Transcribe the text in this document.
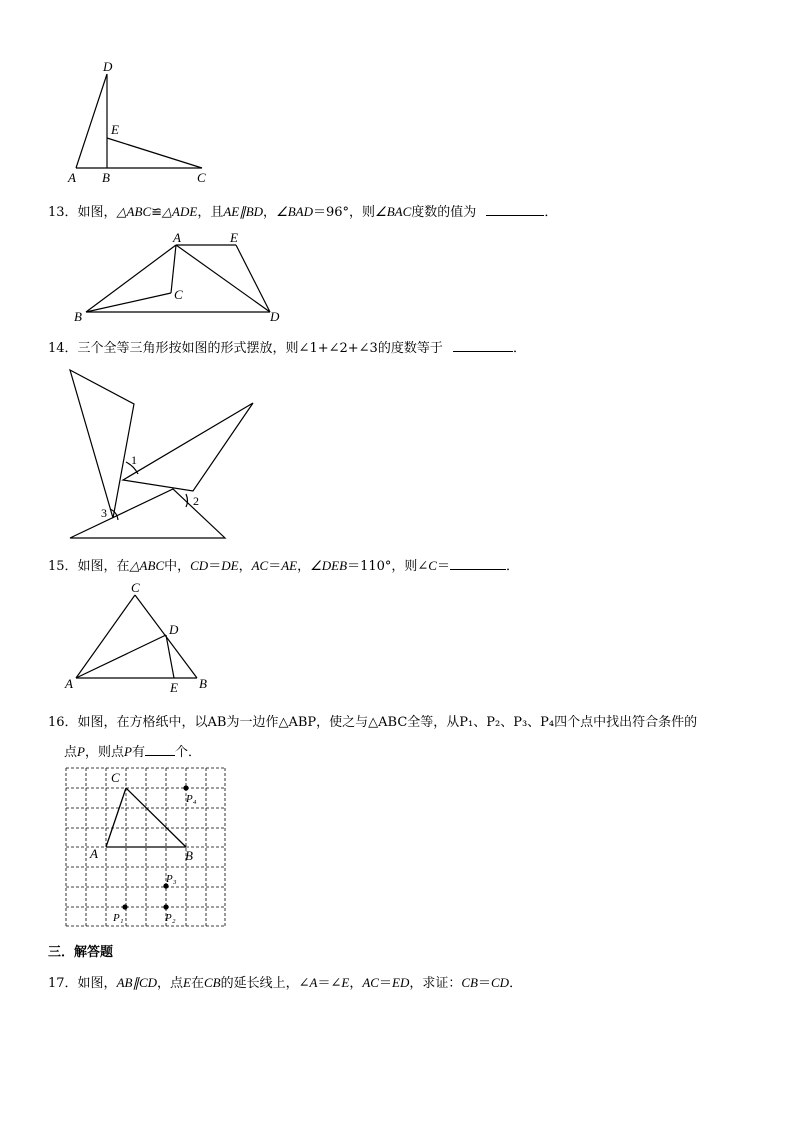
D
E
A B	C
13．如图，△ABC≌△ADE，且AE∥BD，∠BAD＝96°，则∠BAC度数的值为	．
A	E
B
C
D
14．三个全等三角形按如图的形式摆放，则∠1+∠2+∠3的度数等于	．
1
2
3
15．如图，在△ABC中，CD＝DE，AC＝AE，∠DEB＝110°，则∠C＝	．
C
D
A	E B
16．如图，在方格纸中，以AB为一边作△ABP，使之与△ABC全等，从P₁、P₂、P₃、P₄四个点中找出符合条件的
点P，则点P有 个．
C
A	B
P₄
P₃
P₁	P₂
三．解答题
17．如图，AB∥CD，点E在CB的延长线上，∠A＝∠E，AC＝ED，求证：CB＝CD．
